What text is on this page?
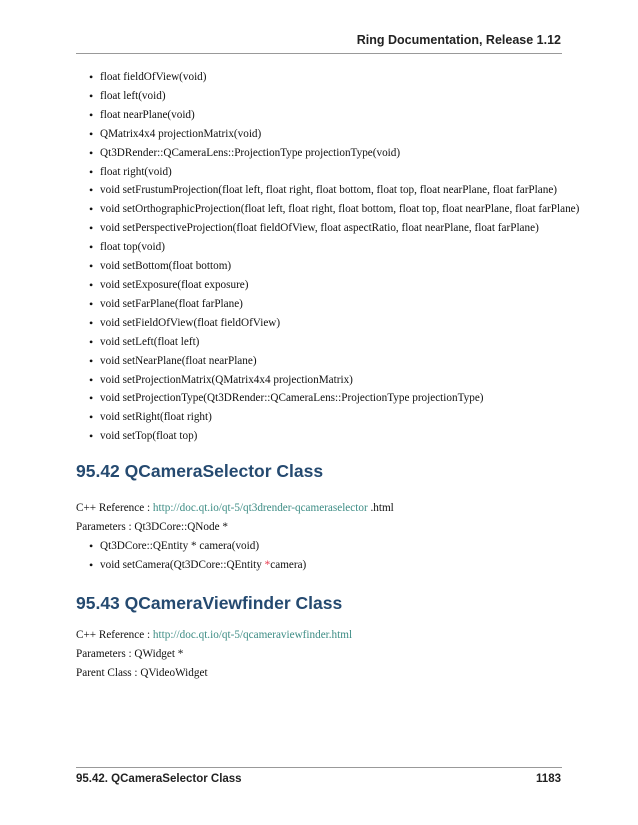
Ring Documentation, Release 1.12
• float fieldOfView(void)
• float left(void)
• float nearPlane(void)
• QMatrix4x4 projectionMatrix(void)
• Qt3DRender::QCameraLens::ProjectionType projectionType(void)
• float right(void)
• void setFrustumProjection(float left, float right, float bottom, float top, float nearPlane, float farPlane)
• void setOrthographicProjection(float left, float right, float bottom, float top, float nearPlane, float farPlane)
• void setPerspectiveProjection(float fieldOfView, float aspectRatio, float nearPlane, float farPlane)
• float top(void)
• void setBottom(float bottom)
• void setExposure(float exposure)
• void setFarPlane(float farPlane)
• void setFieldOfView(float fieldOfView)
• void setLeft(float left)
• void setNearPlane(float nearPlane)
• void setProjectionMatrix(QMatrix4x4 projectionMatrix)
• void setProjectionType(Qt3DRender::QCameraLens::ProjectionType projectionType)
• void setRight(float right)
• void setTop(float top)
95.42 QCameraSelector Class

C++ Reference : http://doc.qt.io/qt-5/qt3drender-qcameraselector .html

Parameters : Qt3DCore::QNode *

• Qt3DCore::QEntity * camera(void)
• void setCamera(Qt3DCore::QEntity *camera)
95.43 QCameraViewfinder Class

C++ Reference : http://doc.qt.io/qt-5/qcameraviewfinder.html

Parameters : QWidget *

Parent Class : QVideoWidget

95.42. QCameraSelector Class	1183
